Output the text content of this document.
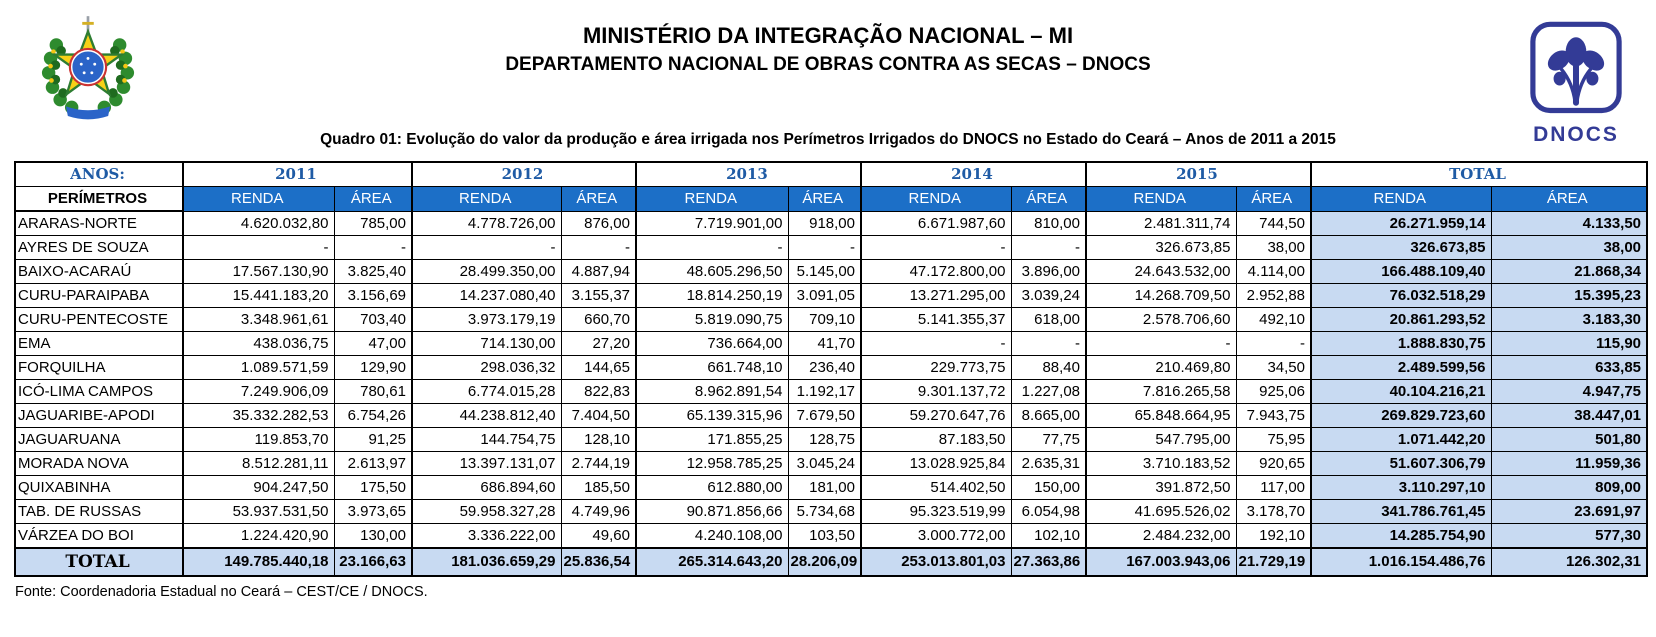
MINISTÉRIO DA INTEGRAÇÃO NACIONAL – MI
DEPARTAMENTO NACIONAL DE OBRAS CONTRA AS SECAS – DNOCS
DNOCS
Quadro 01: Evolução do valor da produção e área irrigada nos Perímetros Irrigados do DNOCS no Estado do Ceará – Anos de 2011 a 2015
ANOS:	2011		2012		2013		2014		2015		TOTAL	
PERÍMETROS	RENDA	ÁREA	RENDA	ÁREA	RENDA	ÁREA	RENDA	ÁREA	RENDA	ÁREA	RENDA	ÁREA
ARARAS-NORTE	4.620.032,80	785,00	4.778.726,00	876,00	7.719.901,00	918,00	6.671.987,60	810,00	2.481.311,74	744,50	26.271.959,14	4.133,50
AYRES DE SOUZA	-	-	-	-	-	-	-	-	326.673,85	38,00	326.673,85	38,00
BAIXO-ACARAÚ	17.567.130,90	3.825,40	28.499.350,00	4.887,94	48.605.296,50	5.145,00	47.172.800,00	3.896,00	24.643.532,00	4.114,00	166.488.109,40	21.868,34
CURU-PARAIPABA	15.441.183,20	3.156,69	14.237.080,40	3.155,37	18.814.250,19	3.091,05	13.271.295,00	3.039,24	14.268.709,50	2.952,88	76.032.518,29	15.395,23
CURU-PENTECOSTE	3.348.961,61	703,40	3.973.179,19	660,70	5.819.090,75	709,10	5.141.355,37	618,00	2.578.706,60	492,10	20.861.293,52	3.183,30
EMA	438.036,75	47,00	714.130,00	27,20	736.664,00	41,70	-	-	-	-	1.888.830,75	115,90
FORQUILHA	1.089.571,59	129,90	298.036,32	144,65	661.748,10	236,40	229.773,75	88,40	210.469,80	34,50	2.489.599,56	633,85
ICÓ-LIMA CAMPOS	7.249.906,09	780,61	6.774.015,28	822,83	8.962.891,54	1.192,17	9.301.137,72	1.227,08	7.816.265,58	925,06	40.104.216,21	4.947,75
JAGUARIBE-APODI	35.332.282,53	6.754,26	44.238.812,40	7.404,50	65.139.315,96	7.679,50	59.270.647,76	8.665,00	65.848.664,95	7.943,75	269.829.723,60	38.447,01
JAGUARUANA	119.853,70	91,25	144.754,75	128,10	171.855,25	128,75	87.183,50	77,75	547.795,00	75,95	1.071.442,20	501,80
MORADA NOVA	8.512.281,11	2.613,97	13.397.131,07	2.744,19	12.958.785,25	3.045,24	13.028.925,84	2.635,31	3.710.183,52	920,65	51.607.306,79	11.959,36
QUIXABINHA	904.247,50	175,50	686.894,60	185,50	612.880,00	181,00	514.402,50	150,00	391.872,50	117,00	3.110.297,10	809,00
TAB. DE RUSSAS	53.937.531,50	3.973,65	59.958.327,28	4.749,96	90.871.856,66	5.734,68	95.323.519,99	6.054,98	41.695.526,02	3.178,70	341.786.761,45	23.691,97
VÁRZEA DO BOI	1.224.420,90	130,00	3.336.222,00	49,60	4.240.108,00	103,50	3.000.772,00	102,10	2.484.232,00	192,10	14.285.754,90	577,30
TOTAL	149.785.440,18	23.166,63	181.036.659,29	25.836,54	265.314.643,20	28.206,09	253.013.801,03	27.363,86	167.003.943,06	21.729,19	1.016.154.486,76	126.302,31
Fonte: Coordenadoria Estadual no Ceará – CEST/CE / DNOCS.
